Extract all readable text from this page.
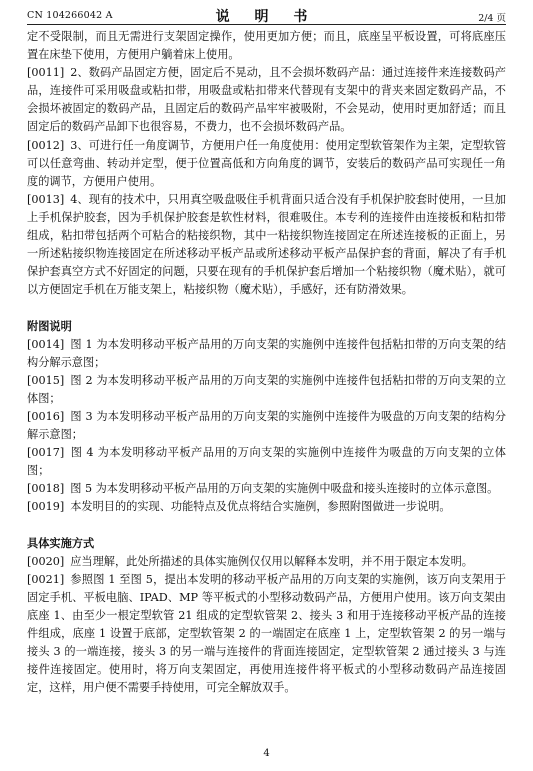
CN 104266042 A	说 明 书	2/4 页

定不受限制，而且无需进行支架固定操作，使用更加方便；而且，底座呈平板设置，可将底座压置在床垫下使用，方便用户躺着床上使用。

[0011] 2、数码产品固定方便，固定后不晃动，且不会损坏数码产品：通过连接件来连接数码产品，连接件可采用吸盘或粘扣带，用吸盘或粘扣带来代替现有支架中的背夹来固定数码产品，不会损坏被固定的数码产品，且固定后的数码产品牢牢被吸附，不会晃动，使用时更加舒适；而且固定后的数码产品卸下也很容易，不费力，也不会损坏数码产品。

[0012] 3、可进行任一角度调节，方便用户任一角度使用：使用定型软管架作为主架，定型软管可以任意弯曲、转动并定型，便于位置高低和方向角度的调节，安装后的数码产品可实现任一角度的调节，方便用户使用。

[0013] 4、现有的技术中，只用真空吸盘吸住手机背面只适合没有手机保护胶套时使用，一旦加上手机保护胶套，因为手机保护胶套是软性材料，很难吸住。本专利的连接件由连接板和粘扣带组成，粘扣带包括两个可粘合的粘接织物，其中一粘接织物连接固定在所述连接板的正面上，另一所述粘接织物连接固定在所述移动平板产品或所述移动平板产品保护套的背面，解决了有手机保护套真空方式不好固定的问题，只要在现有的手机保护套后增加一个粘接织物（魔术贴），就可以方便固定手机在万能支架上，粘接织物（魔术贴），手感好，还有防滑效果。

附图说明

[0014] 图 1 为本发明移动平板产品用的万向支架的实施例中连接件包括粘扣带的万向支架的结构分解示意图；

[0015] 图 2 为本发明移动平板产品用的万向支架的实施例中连接件包括粘扣带的万向支架的立体图；

[0016] 图 3 为本发明移动平板产品用的万向支架的实施例中连接件为吸盘的万向支架的结构分解示意图；

[0017] 图 4 为本发明移动平板产品用的万向支架的实施例中连接件为吸盘的万向支架的立体图；

[0018] 图 5 为本发明移动平板产品用的万向支架的实施例中吸盘和接头连接时的立体示意图。

[0019] 本发明目的的实现、功能特点及优点将结合实施例，参照附图做进一步说明。

具体实施方式

[0020] 应当理解，此处所描述的具体实施例仅仅用以解释本发明，并不用于限定本发明。

[0021] 参照图 1 至图 5，提出本发明的移动平板产品用的万向支架的实施例，该万向支架用于固定手机、平板电脑、IPAD、MP 等平板式的小型移动数码产品，方便用户使用。该万向支架由底座 1、由至少一根定型软管 21 组成的定型软管架 2、接头 3 和用于连接移动平板产品的连接件组成，底座 1 设置于底部，定型软管架 2 的一端固定在底座 1 上，定型软管架 2 的另一端与接头 3 的一端连接，接头 3 的另一端与连接件的背面连接固定，定型软管架 2 通过接头 3 与连接件连接固定。使用时，将万向支架固定，再使用连接件将平板式的小型移动数码产品连接固定，这样，用户便不需要手持使用，可完全解放双手。

4
